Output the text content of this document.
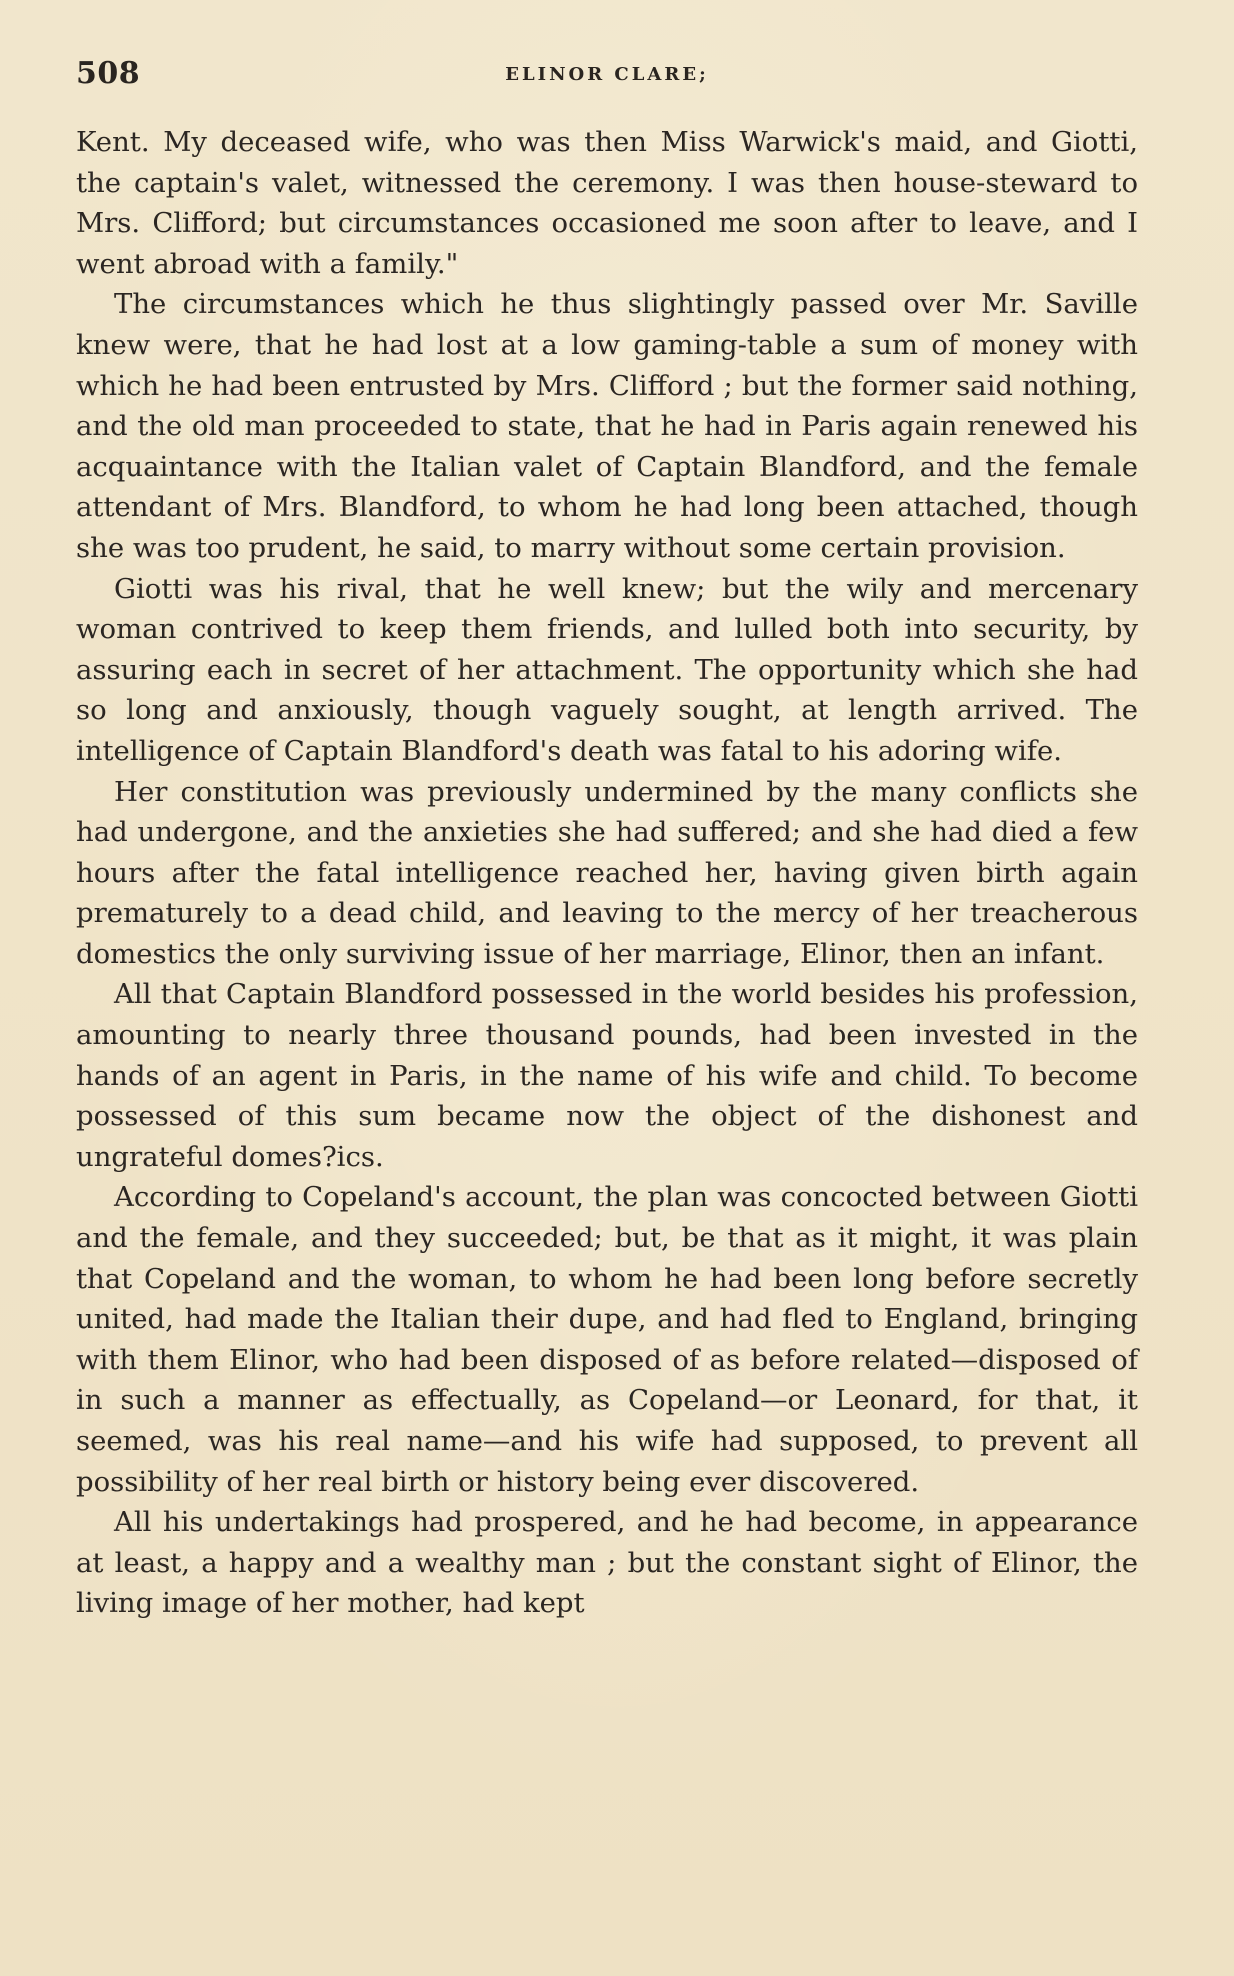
508	ELINOR CLARE;

Kent. My deceased wife, who was then Miss Warwick's maid, and Giotti, the captain's valet, witnessed the ceremony. I was then house-steward to Mrs. Clifford; but circumstances occasioned me soon after to leave, and I went abroad with a family."

The circumstances which he thus slightingly passed over Mr. Saville knew were, that he had lost at a low gaming-table a sum of money with which he had been entrusted by Mrs. Clifford ; but the former said nothing, and the old man proceeded to state, that he had in Paris again renewed his acquaintance with the Italian valet of Captain Blandford, and the female attendant of Mrs. Blandford, to whom he had long been attached, though she was too prudent, he said, to marry without some certain provision.

Giotti was his rival, that he well knew; but the wily and mercenary woman contrived to keep them friends, and lulled both into security, by assuring each in secret of her attachment. The opportunity which she had so long and anxiously, though vaguely sought, at length arrived. The intelligence of Captain Blandford's death was fatal to his adoring wife.

Her constitution was previously undermined by the many conflicts she had undergone, and the anxieties she had suffered; and she had died a few hours after the fatal intelligence reached her, having given birth again prematurely to a dead child, and leaving to the mercy of her treacherous domestics the only surviving issue of her marriage, Elinor, then an infant.

All that Captain Blandford possessed in the world besides his profession, amounting to nearly three thousand pounds, had been invested in the hands of an agent in Paris, in the name of his wife and child. To become possessed of this sum became now the object of the dishonest and ungrateful domes?ics.

According to Copeland's account, the plan was concocted between Giotti and the female, and they succeeded; but, be that as it might, it was plain that Copeland and the woman, to whom he had been long before secretly united, had made the Italian their dupe, and had fled to England, bringing with them Elinor, who had been disposed of as before related—disposed of in such a manner as effectually, as Copeland—or Leonard, for that, it seemed, was his real name—and his wife had supposed, to prevent all possibility of her real birth or history being ever discovered.

All his undertakings had prospered, and he had become, in appearance at least, a happy and a wealthy man ; but the constant sight of Elinor, the living image of her mother, had kept
